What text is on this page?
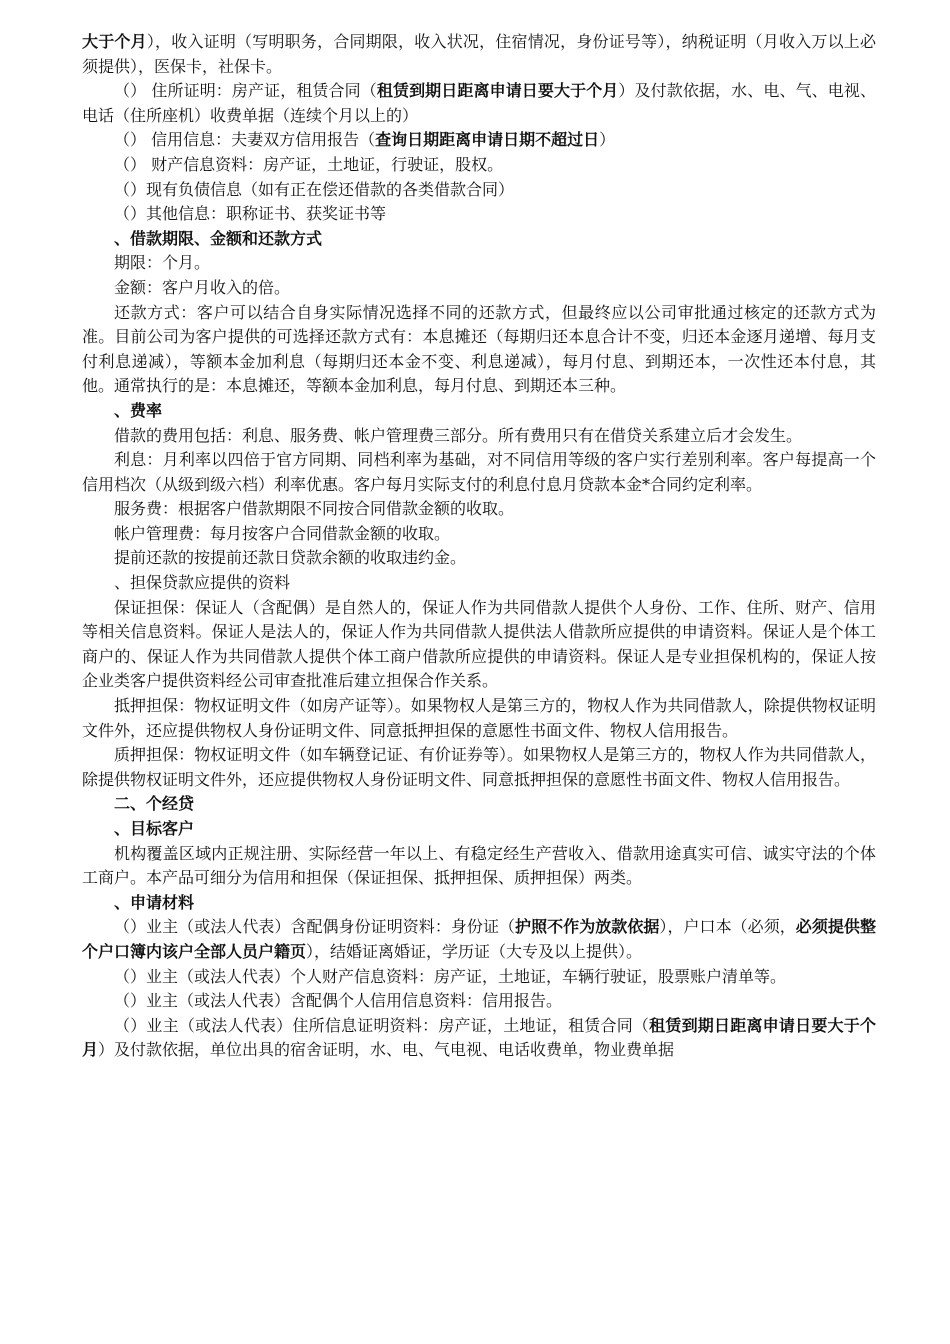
大于个月），收入证明（写明职务，合同期限，收入状况，住宿情况，身份证号等），纳税证明（月收入万以上必须提供），医保卡，社保卡。

（） 住所证明：房产证，租赁合同（租赁到期日距离申请日要大于个月）及付款依据，水、电、气、电视、电话（住所座机）收费单据（连续个月以上的）

（） 信用信息：夫妻双方信用报告（查询日期距离申请日期不超过日）

（） 财产信息资料：房产证，土地证，行驶证，股权。

（）现有负债信息（如有正在偿还借款的各类借款合同）

（）其他信息：职称证书、获奖证书等

、借款期限、金额和还款方式

期限：个月。

金额：客户月收入的倍。

还款方式：客户可以结合自身实际情况选择不同的还款方式，但最终应以公司审批通过核定的还款方式为准。目前公司为客户提供的可选择还款方式有：本息摊还（每期归还本息合计不变，归还本金逐月递增、每月支付利息递减），等额本金加利息（每期归还本金不变、利息递减），每月付息、到期还本，一次性还本付息，其他。通常执行的是：本息摊还，等额本金加利息，每月付息、到期还本三种。

、费率

借款的费用包括：利息、服务费、帐户管理费三部分。所有费用只有在借贷关系建立后才会发生。

利息：月利率以四倍于官方同期、同档利率为基础，对不同信用等级的客户实行差别利率。客户每提高一个信用档次（从级到级六档）利率优惠。客户每月实际支付的利息付息月贷款本金*合同约定利率。

服务费：根据客户借款期限不同按合同借款金额的收取。

帐户管理费：每月按客户合同借款金额的收取。

提前还款的按提前还款日贷款余额的收取违约金。

、担保贷款应提供的资料

保证担保：保证人（含配偶）是自然人的，保证人作为共同借款人提供个人身份、工作、住所、财产、信用等相关信息资料。保证人是法人的，保证人作为共同借款人提供法人借款所应提供的申请资料。保证人是个体工商户的、保证人作为共同借款人提供个体工商户借款所应提供的申请资料。保证人是专业担保机构的，保证人按企业类客户提供资料经公司审查批准后建立担保合作关系。

抵押担保：物权证明文件（如房产证等）。如果物权人是第三方的，物权人作为共同借款人，除提供物权证明文件外，还应提供物权人身份证明文件、同意抵押担保的意愿性书面文件、物权人信用报告。

质押担保：物权证明文件（如车辆登记证、有价证券等）。如果物权人是第三方的，物权人作为共同借款人，除提供物权证明文件外，还应提供物权人身份证明文件、同意抵押担保的意愿性书面文件、物权人信用报告。

二、个经贷

、目标客户

机构覆盖区域内正规注册、实际经营一年以上、有稳定经生产营收入、借款用途真实可信、诚实守法的个体工商户。本产品可细分为信用和担保（保证担保、抵押担保、质押担保）两类。

、申请材料

（）业主（或法人代表）含配偶身份证明资料：身份证（护照不作为放款依据），户口本（必须，必须提供整个户口簿内该户全部人员户籍页），结婚证离婚证，学历证（大专及以上提供）。

（）业主（或法人代表）个人财产信息资料：房产证，土地证，车辆行驶证，股票账户清单等。

（）业主（或法人代表）含配偶个人信用信息资料：信用报告。

（）业主（或法人代表）住所信息证明资料：房产证，土地证，租赁合同（租赁到期日距离申请日要大于个月）及付款依据，单位出具的宿舍证明，水、电、气电视、电话收费单，物业费单据
